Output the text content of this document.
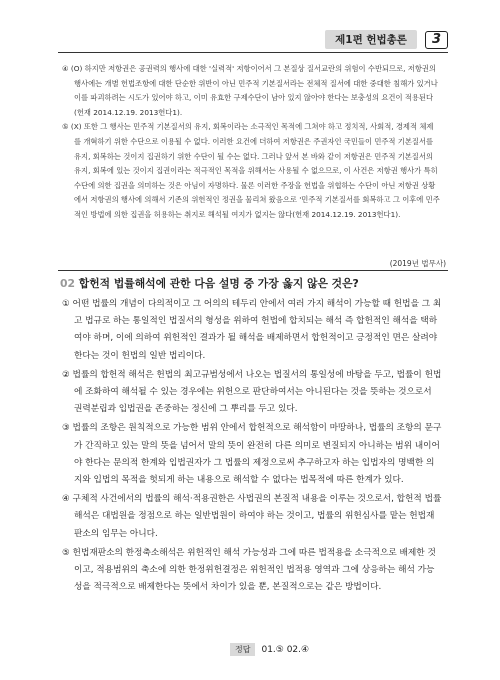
제1편 헌법총론	3

④ (O) 하지만 저항권은 공권력의 행사에 대한 '실력적' 저항이어서 그 본질상 질서교란의 위험이 수반되므로, 저항권의 행사에는 개별 헌법조항에 대한 단순한 위반이 아닌 민주적 기본질서라는 전체적 질서에 대한 중대한 침해가 있거나 이를 파괴하려는 시도가 있어야 하고, 이미 유효한 구제수단이 남아 있지 않아야 한다는 보충성의 요건이 적용된다(헌재 2014.12.19. 2013헌다1).

⑤ (X) 또한 그 행사는 민주적 기본질서의 유지, 회복이라는 소극적인 목적에 그쳐야 하고 정치적, 사회적, 경제적 체제를 개혁하기 위한 수단으로 이용될 수 없다. 이러한 요건에 더하여 저항권은 주권자인 국민들이 민주적 기본질서를 유지, 회복하는 것이지 집권하기 위한 수단이 될 수는 없다. 그러나 앞서 본 바와 같이 저항권은 민주적 기본질서의 유지, 회복에 있는 것이지 집권이라는 적극적인 목적을 위해서는 사용될 수 없으므로, 이 사건은 저항권 행사가 특히 수단에 의한 집권을 의미하는 것은 아님이 자명하다. 물론 이러한 주장을 헌법을 위협하는 수단이 아닌 저항권 상황에서 저항권의 행사에 의해서 기존의 위헌적인 정권을 물리쳐 왔음으로 '민주적 기본질서를 회복하고 그 이후에 민주적인 방법에 의한 집권을 허용하는 취지로 해석될 여지가 없지는 않다(헌재 2014.12.19. 2013헌다1).

(2019년 법무사)
02 합헌적 법률해석에 관한 다음 설명 중 가장 옳지 않은 것은?

① 어떤 법률의 개념이 다의적이고 그 어의의 테두리 안에서 여러 가지 해석이 가능할 때 헌법을 그 최고 법규로 하는 통일적인 법질서의 형성을 위하여 헌법에 합치되는 해석 즉 합헌적인 해석을 택하여야 하며, 이에 의하여 위헌적인 결과가 될 해석을 배제하면서 합헌적이고 긍정적인 면은 살려야 한다는 것이 헌법의 일반 법리이다.

② 법률의 합헌적 해석은 헌법의 최고규범성에서 나오는 법질서의 통일성에 바탕을 두고, 법률이 헌법에 조화하여 해석될 수 있는 경우에는 위헌으로 판단하여서는 아니된다는 것을 뜻하는 것으로서 권력분립과 입법권을 존중하는 정신에 그 뿌리를 두고 있다.

③ 법률의 조항은 원칙적으로 가능한 범위 안에서 합헌적으로 해석함이 마땅하나, 법률의 조항의 문구가 간직하고 있는 말의 뜻을 넘어서 말의 뜻이 완전히 다른 의미로 변질되지 아니하는 범위 내이어야 한다는 문의적 한계와 입법권자가 그 법률의 제정으로써 추구하고자 하는 입법자의 명백한 의지와 입법의 목적을 헛되게 하는 내용으로 해석할 수 없다는 법목적에 따른 한계가 있다.

④ 구체적 사건에서의 법률의 해석·적용권한은 사법권의 본질적 내용을 이루는 것으로서, 합헌적 법률해석은 대법원을 정점으로 하는 일반법원이 하여야 하는 것이고, 법률의 위헌심사를 맡는 헌법재판소의 임무는 아니다.

⑤ 헌법재판소의 한정축소해석은 위헌적인 해석 가능성과 그에 따른 법적용을 소극적으로 배제한 것이고, 적용범위의 축소에 의한 한정위헌결정은 위헌적인 법적용 영역과 그에 상응하는 해석 가능성을 적극적으로 배제한다는 뜻에서 차이가 있을 뿐, 본질적으로는 같은 방법이다.

정답	01.⑤ 02.④
